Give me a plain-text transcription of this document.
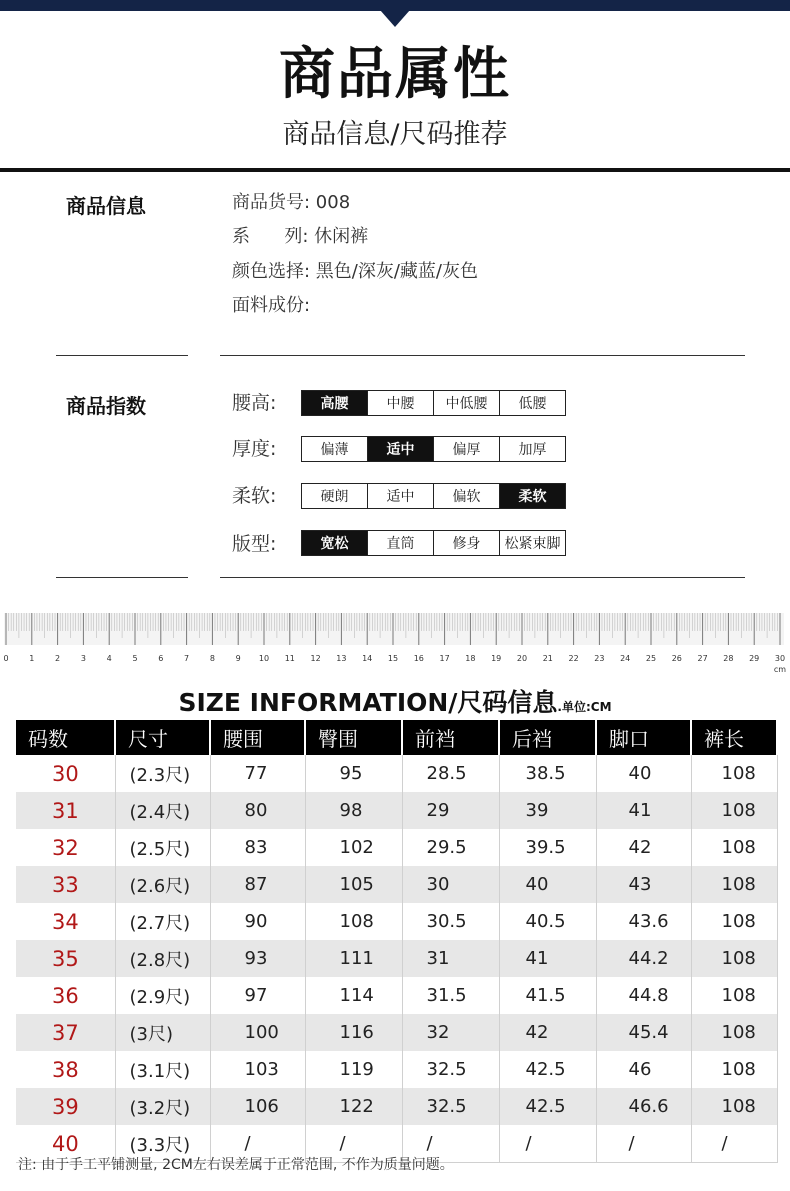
商品属性
商品信息/尺码推荐
商品信息	商品货号: 008
系      列: 休闲裤
颜色选择: 黑色/深灰/藏蓝/灰色
面料成份:
商品指数	腰高:	高腰	中腰	中低腰	低腰
厚度:	偏薄	适中	偏厚	加厚
柔软:	硬朗	适中	偏软	柔软
版型:	宽松	直筒	修身	松紧束脚
0	1	2	3	4	5	6	7	8	9 10 11 12 13 14 15 16 17 18 19 20 21 22 23 24 25 26 27 28 29 30
cm
SIZE INFORMATION/尺码信息.单位:CM
码数	尺寸	腰围	臀围	前裆	后裆	脚口	裤长
30	(2.3尺)	77	95	28.5	38.5	40	108
31	(2.4尺)	80	98	29	39	41	108
32	(2.5尺)	83	102	29.5	39.5	42	108
33	(2.6尺)	87	105	30	40	43	108
34	(2.7尺)	90	108	30.5	40.5	43.6	108
35	(2.8尺)	93	111	31	41	44.2	108
36	(2.9尺)	97	114	31.5	41.5	44.8	108
37	(3尺)	100	116	32	42	45.4	108
38	(3.1尺)	103	119	32.5	42.5	46	108
39	(3.2尺)	106	122	32.5	42.5	46.6	108
40	(3.3尺)	/	/	/	/	/	/
注: 由于手工平铺测量, 2CM左右误差属于正常范围, 不作为质量问题。
